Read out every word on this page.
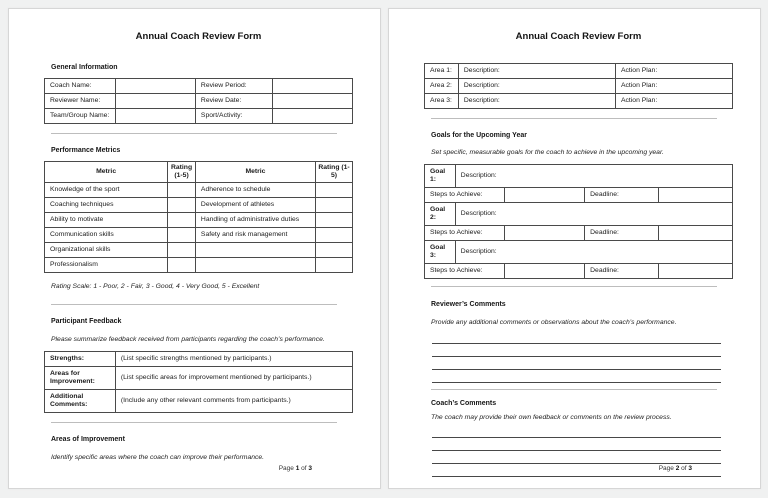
Annual Coach Review Form
General Information
Coach Name:		Review Period:	
Reviewer Name:		Review Date:	
Team/Group Name:		Sport/Activity:	
Performance Metrics
Metric	Rating (1-5)	Metric	Rating (1-5)
Knowledge of the sport		Adherence to schedule	
Coaching techniques		Development of athletes	
Ability to motivate		Handling of administrative duties	
Communication skills		Safety and risk management	
Organizational skills			
Professionalism			
Rating Scale: 1 - Poor, 2 - Fair, 3 - Good, 4 - Very Good, 5 - Excellent
Participant Feedback
Please summarize feedback received from participants regarding the coach’s performance.
Strengths:	(List specific strengths mentioned by participants.)
Areas for Improvement:	(List specific areas for improvement mentioned by participants.)
Additional Comments:	(Include any other relevant comments from participants.)
Areas of Improvement
Identify specific areas where the coach can improve their performance.
Page 1 of 3
Annual Coach Review Form
Area 1:	Description:	Action Plan:
Area 2:	Description:	Action Plan:
Area 3:	Description:	Action Plan:
Goals for the Upcoming Year
Set specific, measurable goals for the coach to achieve in the upcoming year.
Goal 1:	Description:			
Steps to Achieve:			Deadline:	
Goal 2:	Description:			
Steps to Achieve:			Deadline:	
Goal 3:	Description:			
Steps to Achieve:			Deadline:	
Reviewer’s Comments
Provide any additional comments or observations about the coach’s performance.
Coach’s Comments
The coach may provide their own feedback or comments on the review process.
Page 2 of 3
